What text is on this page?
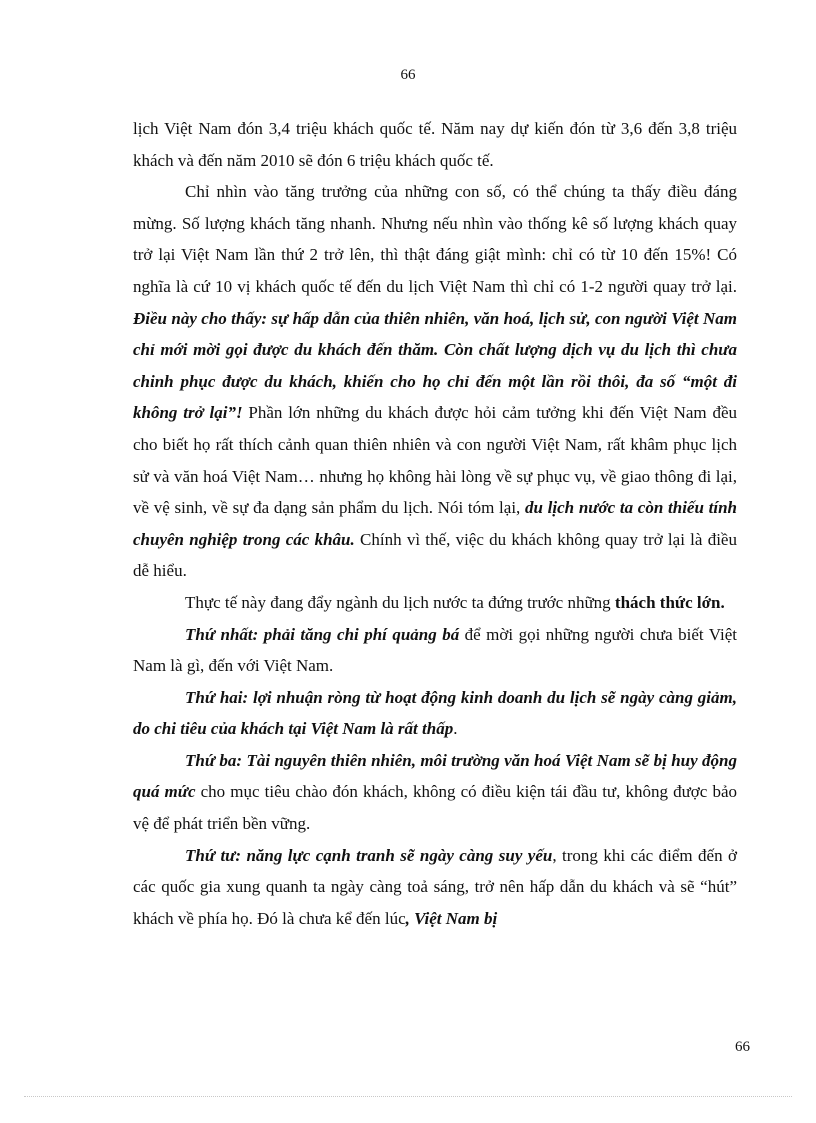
66

lịch Việt Nam đón 3,4 triệu khách quốc tế. Năm nay dự kiến đón từ 3,6 đến 3,8 triệu khách và đến năm 2010 sẽ đón 6 triệu khách quốc tế.

Chỉ nhìn vào tăng trưởng của những con số, có thể chúng ta thấy điều đáng mừng. Số lượng khách tăng nhanh. Nhưng nếu nhìn vào thống kê số lượng khách quay trở lại Việt Nam lần thứ 2 trở lên, thì thật đáng giật mình: chỉ có từ 10 đến 15%! Có nghĩa là cứ 10 vị khách quốc tế đến du lịch Việt Nam thì chỉ có 1-2 người quay trở lại. Điều này cho thấy: sự hấp dẫn của thiên nhiên, văn hoá, lịch sử, con người Việt Nam chỉ mới mời gọi được du khách đến thăm. Còn chất lượng dịch vụ du lịch thì chưa chinh phục được du khách, khiến cho họ chỉ đến một lần rồi thôi, đa số “một đi không trở lại”! Phần lớn những du khách được hỏi cảm tưởng khi đến Việt Nam đều cho biết họ rất thích cảnh quan thiên nhiên và con người Việt Nam, rất khâm phục lịch sử và văn hoá Việt Nam… nhưng họ không hài lòng về sự phục vụ, về giao thông đi lại, về vệ sinh, về sự đa dạng sản phẩm du lịch. Nói tóm lại, du lịch nước ta còn thiếu tính chuyên nghiệp trong các khâu. Chính vì thế, việc du khách không quay trở lại là điều dễ hiểu.

Thực tế này đang đẩy ngành du lịch nước ta đứng trước những thách thức lớn.

Thứ nhất: phải tăng chi phí quảng bá để mời gọi những người chưa biết Việt Nam là gì, đến với Việt Nam.

Thứ hai: lợi nhuận ròng từ hoạt động kinh doanh du lịch sẽ ngày càng giảm, do chi tiêu của khách tại Việt Nam là rất thấp.

Thứ ba: Tài nguyên thiên nhiên, môi trường văn hoá Việt Nam sẽ bị huy động quá mức cho mục tiêu chào đón khách, không có điều kiện tái đầu tư, không được bảo vệ để phát triển bền vững.

Thứ tư: năng lực cạnh tranh sẽ ngày càng suy yếu, trong khi các điểm đến ở các quốc gia xung quanh ta ngày càng toả sáng, trở nên hấp dẫn du khách và sẽ “hút” khách về phía họ. Đó là chưa kể đến lúc, Việt Nam bị

66
